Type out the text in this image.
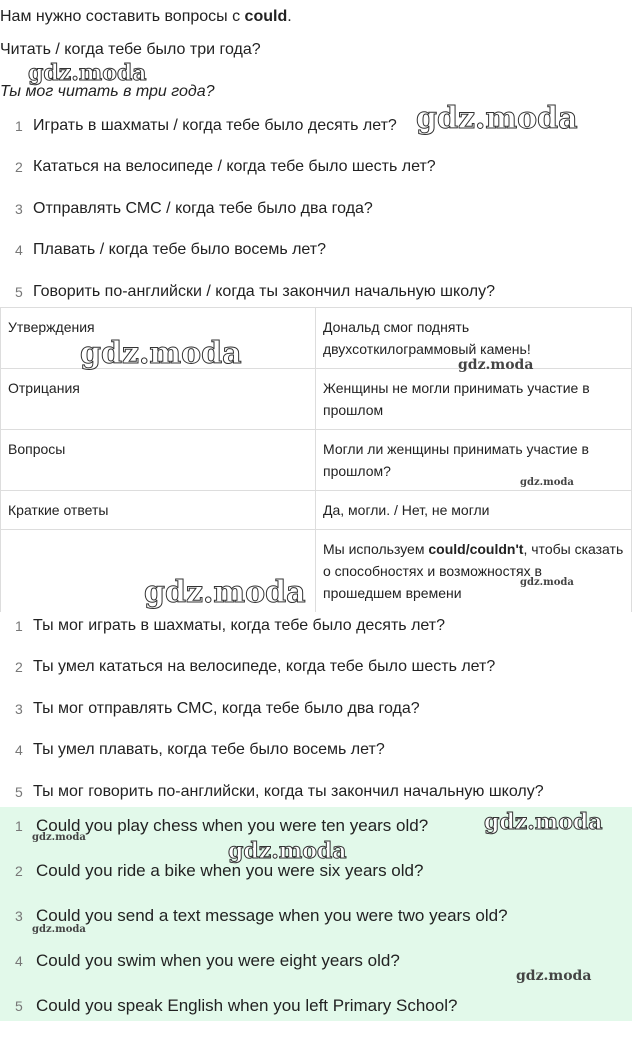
Нам нужно составить вопросы с could.
Читать / когда тебе было три года?
Ты мог читать в три года?
1 Играть в шахматы / когда тебе было десять лет?
2 Кататься на велосипеде / когда тебе было шесть лет?
3 Отправлять СМС / когда тебе было два года?
4 Плавать / когда тебе было восемь лет?
5 Говорить по-английски / когда ты закончил начальную школу?
Утверждения	Дональд смог поднять двухсоткилограммовый камень!
Отрицания	Женщины не могли принимать участие в прошлом
Вопросы	Могли ли женщины принимать участие в прошлом?
Краткие ответы	Да, могли. / Нет, не могли
	Мы используем could/couldn't, чтобы сказать о способностях и возможностях в прошедшем времени
1 Ты мог играть в шахматы, когда тебе было десять лет?
2 Ты умел кататься на велосипеде, когда тебе было шесть лет?
3 Ты мог отправлять СМС, когда тебе было два года?
4 Ты умел плавать, когда тебе было восемь лет?
5 Ты мог говорить по-английски, когда ты закончил начальную школу?
1 Could you play chess when you were ten years old?
2 Could you ride a bike when you were six years old?
3 Could you send a text message when you were two years old?
4 Could you swim when you were eight years old?
5 Could you speak English when you left Primary School?
gdz.moda
gdz.moda
gdz.moda	gdz.moda
gdz.moda
gdz.moda	gdz.moda
gdz.moda
gdz.moda
gdz.moda
gdz.moda
gdz.moda
